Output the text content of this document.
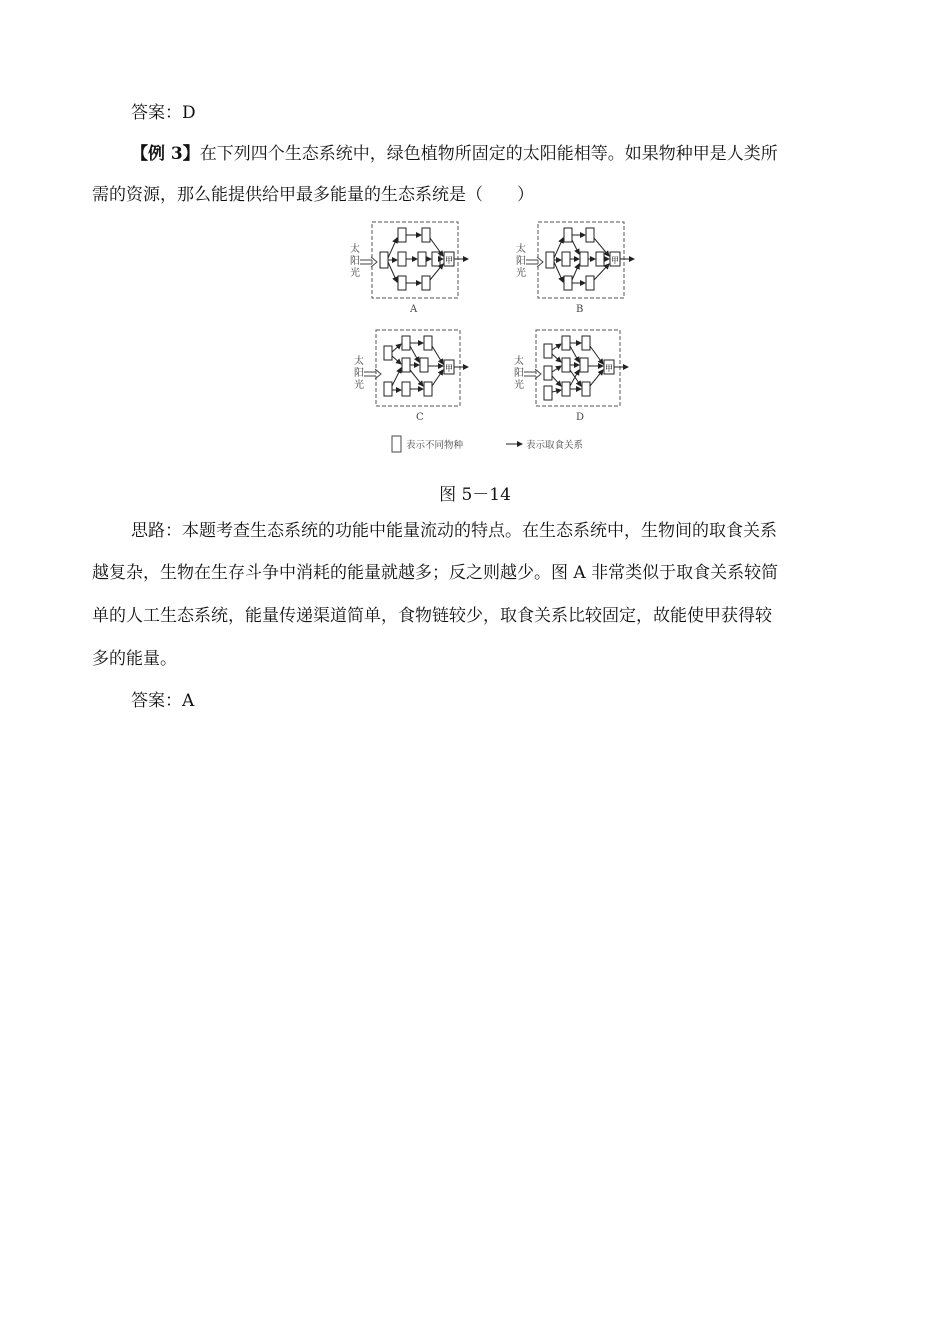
答案：D
【例 3】在下列四个生态系统中，绿色植物所固定的太阳能相等。如果物种甲是人类所
需的资源，那么能提供给甲最多能量的生态系统是（　　）
太
阳
光
甲
A
太
阳
光
甲
B
太
阳
光
甲
C
太
阳
光
甲
D
表示不同物种	表示取食关系
图 5－14
思路：本题考查生态系统的功能中能量流动的特点。在生态系统中，生物间的取食关系
越复杂，生物在生存斗争中消耗的能量就越多；反之则越少。图 A 非常类似于取食关系较简
单的人工生态系统，能量传递渠道简单，食物链较少，取食关系比较固定，故能使甲获得较
多的能量。
答案：A
